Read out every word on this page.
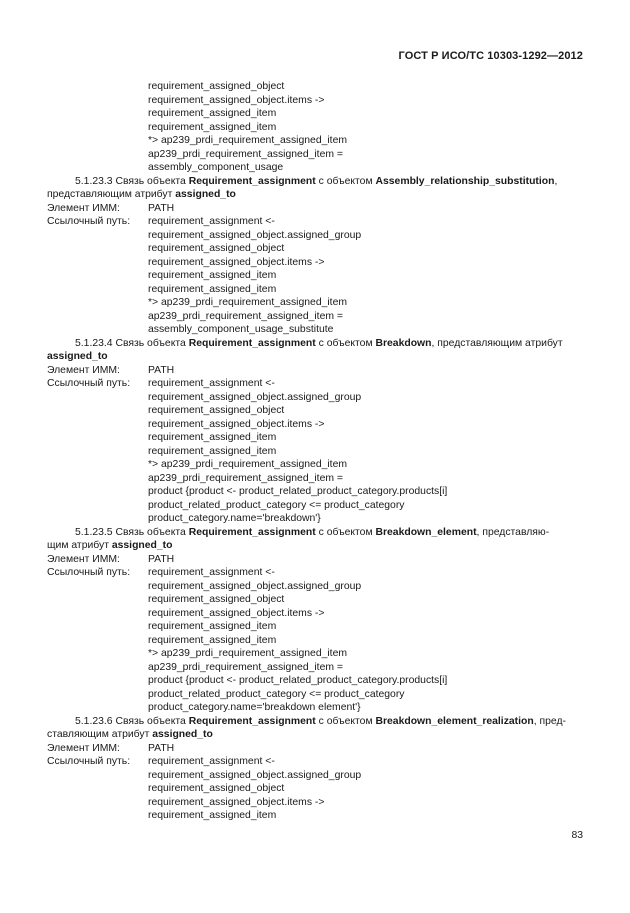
ГОСТ Р ИСО/ТС 10303-1292—2012
requirement_assigned_object
requirement_assigned_object.items ->
requirement_assigned_item
requirement_assigned_item
*> ap239_prdi_requirement_assigned_item
ap239_prdi_requirement_assigned_item =
assembly_component_usage
5.1.23.3 Связь объекта Requirement_assignment с объектом Assembly_relationship_substitution,
представляющим атрибут assigned_to
Элемент ИММ:	PATH
Ссылочный путь:	requirement_assignment <-
requirement_assigned_object.assigned_group
requirement_assigned_object
requirement_assigned_object.items ->
requirement_assigned_item
requirement_assigned_item
*> ap239_prdi_requirement_assigned_item
ap239_prdi_requirement_assigned_item =
assembly_component_usage_substitute
5.1.23.4 Связь объекта Requirement_assignment с объектом Breakdown, представляющим атрибут
assigned_to
Элемент ИММ:	PATH
Ссылочный путь:	requirement_assignment <-
requirement_assigned_object.assigned_group
requirement_assigned_object
requirement_assigned_object.items ->
requirement_assigned_item
requirement_assigned_item
*> ap239_prdi_requirement_assigned_item
ap239_prdi_requirement_assigned_item =
product {product <- product_related_product_category.products[i]
product_related_product_category <= product_category
product_category.name='breakdown'}
5.1.23.5 Связь объекта Requirement_assignment с объектом Breakdown_element, представляю-
щим атрибут assigned_to
Элемент ИММ:	PATH
Ссылочный путь:	requirement_assignment <-
requirement_assigned_object.assigned_group
requirement_assigned_object
requirement_assigned_object.items ->
requirement_assigned_item
requirement_assigned_item
*> ap239_prdi_requirement_assigned_item
ap239_prdi_requirement_assigned_item =
product {product <- product_related_product_category.products[i]
product_related_product_category <= product_category
product_category.name='breakdown element'}
5.1.23.6 Связь объекта Requirement_assignment с объектом Breakdown_element_realization, пред-
ставляющим атрибут assigned_to
Элемент ИММ:	PATH
Ссылочный путь:	requirement_assignment <-
requirement_assigned_object.assigned_group
requirement_assigned_object
requirement_assigned_object.items ->
requirement_assigned_item
83
